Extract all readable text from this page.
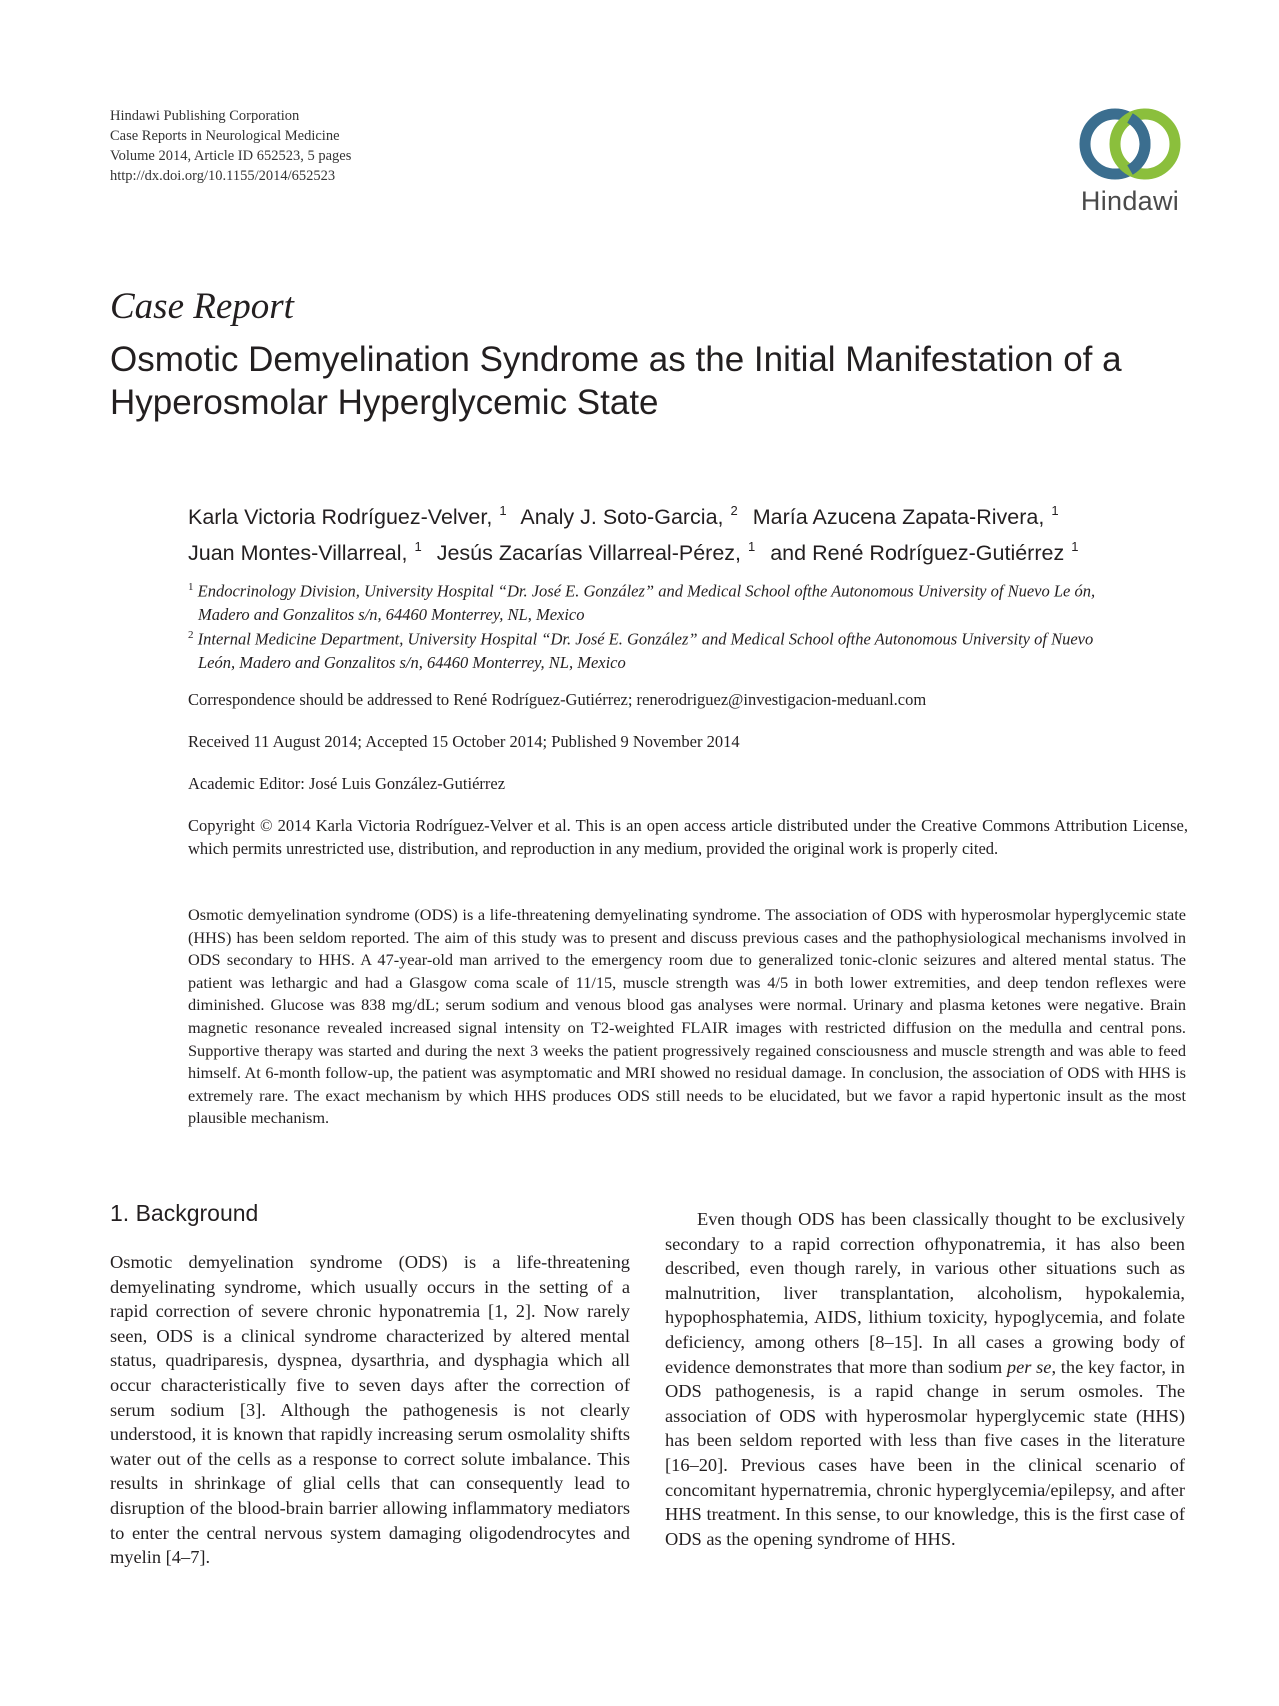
Hindawi Publishing Corporation
Case Reports in Neurological Medicine
Volume 2014, Article ID 652523, 5 pages
http://dx.doi.org/10.1155/2014/652523
Hindawi
Case Report
Osmotic Demyelination Syndrome as the Initial Manifestation of a Hyperosmolar Hyperglycemic State
Karla Victoria Rodríguez-Velver, $^1$ Analy J. Soto-Garcia, $^2$ María Azucena Zapata-Rivera, $^1$
Juan Montes-Villarreal, $^1$ Jesús Zacarías Villarreal-Pérez, $^1$ and René Rodríguez-Gutiérrez $^1$
$^1$ Endocrinology Division, University Hospital “Dr. José E. González” and Medical School ofthe Autonomous University of Nuevo Le ón,
Madero and Gonzalitos s/n, 64460 Monterrey, NL, Mexico
$^2$ Internal Medicine Department, University Hospital “Dr. José E. González” and Medical School ofthe Autonomous University of Nuevo
León, Madero and Gonzalitos s/n, 64460 Monterrey, NL, Mexico
Correspondence should be addressed to René Rodríguez-Gutiérrez; renerodriguez@investigacion-meduanl.com
Received 11 August 2014; Accepted 15 October 2014; Published 9 November 2014
Academic Editor: José Luis González-Gutiérrez
Copyright © 2014 Karla Victoria Rodríguez-Velver et al. This is an open access article distributed under the Creative Commons Attribution License, which permits unrestricted use, distribution, and reproduction in any medium, provided the original work is properly cited.
Osmotic demyelination syndrome (ODS) is a life-threatening demyelinating syndrome. The association of ODS with hyperosmolar hyperglycemic state (HHS) has been seldom reported. The aim of this study was to present and discuss previous cases and the pathophysiological mechanisms involved in ODS secondary to HHS. A 47-year-old man arrived to the emergency room due to generalized tonic-clonic seizures and altered mental status. The patient was lethargic and had a Glasgow coma scale of 11/15, muscle strength was 4/5 in both lower extremities, and deep tendon reflexes were diminished. Glucose was 838 mg/dL; serum sodium and venous blood gas analyses were normal. Urinary and plasma ketones were negative. Brain magnetic resonance revealed increased signal intensity on T2-weighted FLAIR images with restricted diffusion on the medulla and central pons. Supportive therapy was started and during the next 3 weeks the patient progressively regained consciousness and muscle strength and was able to feed himself. At 6-month follow-up, the patient was asymptomatic and MRI showed no residual damage. In conclusion, the association of ODS with HHS is extremely rare. The exact mechanism by which HHS produces ODS still needs to be elucidated, but we favor a rapid hypertonic insult as the most plausible mechanism.
1. Background

Osmotic demyelination syndrome (ODS) is a life-threatening demyelinating syndrome, which usually occurs in the setting of a rapid correction of severe chronic hyponatremia [1, 2]. Now rarely seen, ODS is a clinical syndrome characterized by altered mental status, quadriparesis, dyspnea, dysarthria, and dysphagia which all occur characteristically five to seven days after the correction of serum sodium [3]. Although the pathogenesis is not clearly understood, it is known that rapidly increasing serum osmolality shifts water out of the cells as a response to correct solute imbalance. This results in shrinkage of glial cells that can consequently lead to disruption of the blood-brain barrier allowing inflammatory mediators to enter the central nervous system damaging oligodendrocytes and myelin [4–7].

Even though ODS has been classically thought to be exclusively secondary to a rapid correction ofhyponatremia, it has also been described, even though rarely, in various other situations such as malnutrition, liver transplantation, alcoholism, hypokalemia, hypophosphatemia, AIDS, lithium toxicity, hypoglycemia, and folate deficiency, among others [8–15]. In all cases a growing body of evidence demonstrates that more than sodium per se, the key factor, in ODS pathogenesis, is a rapid change in serum osmoles. The association of ODS with hyperosmolar hyperglycemic state (HHS) has been seldom reported with less than five cases in the literature [16–20]. Previous cases have been in the clinical scenario of concomitant hypernatremia, chronic hyperglycemia/epilepsy, and after HHS treatment. In this sense, to our knowledge, this is the first case of ODS as the opening syndrome of HHS.
